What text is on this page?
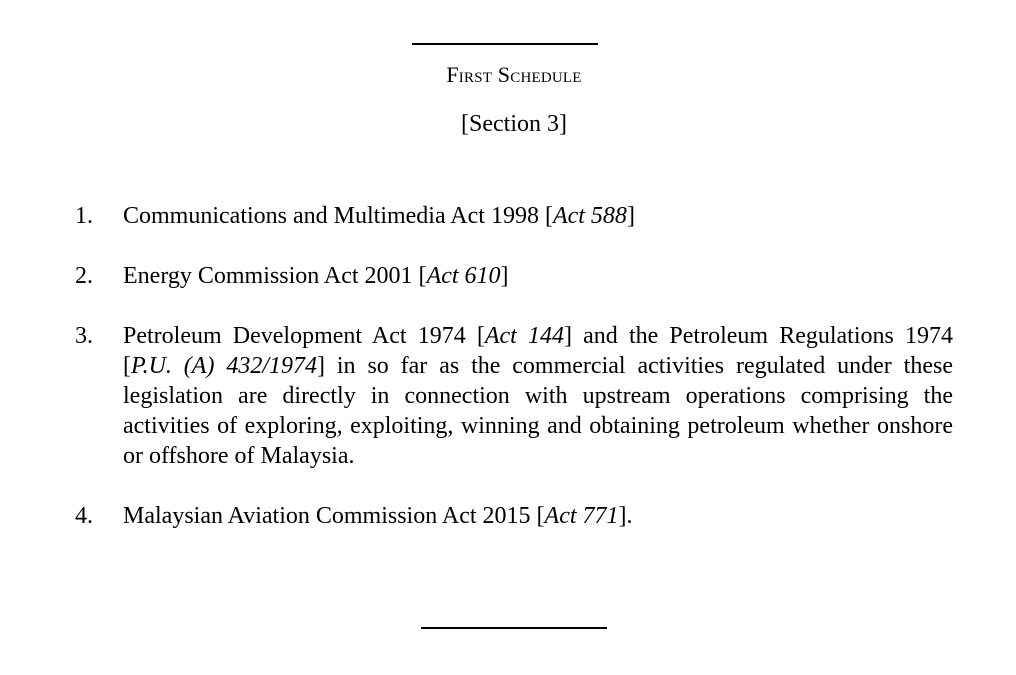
First Schedule
[Section 3]
1. Communications and Multimedia Act 1998 [Act 588]
2. Energy Commission Act 2001 [Act 610]
3. Petroleum Development Act 1974 [Act 144] and the Petroleum Regulations 1974 [P.U. (A) 432/1974] in so far as the commercial activities regulated under these legislation are directly in connection with upstream operations comprising the activities of exploring, exploiting, winning and obtaining petroleum whether onshore or offshore of Malaysia.
4. Malaysian Aviation Commission Act 2015 [Act 771].
